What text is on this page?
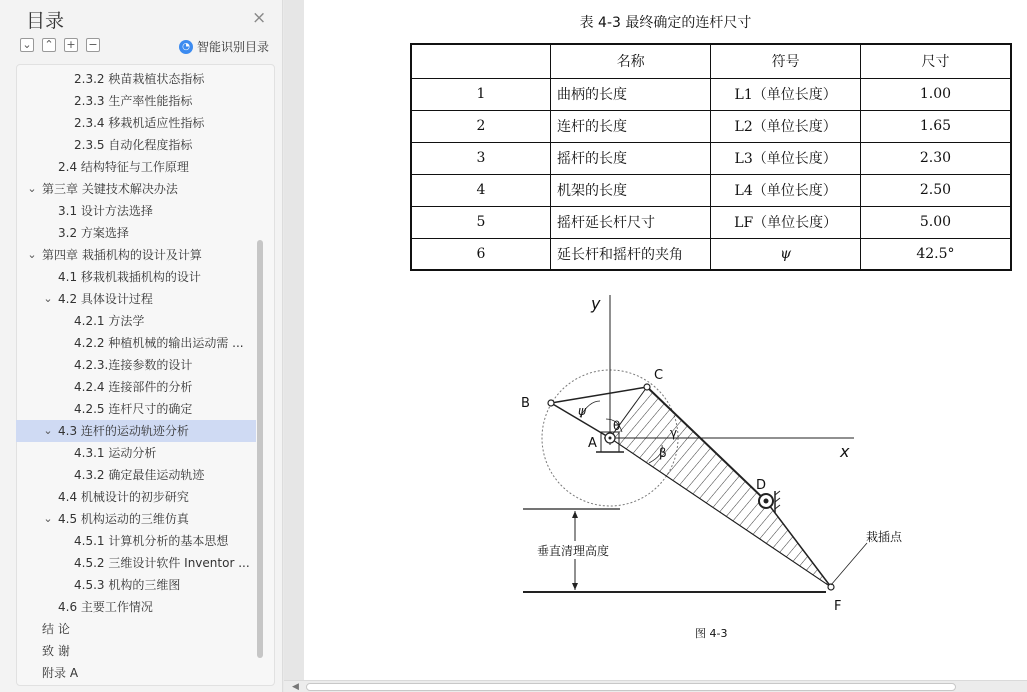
目录	×
⌄ ⌃ + −	◔ 智能识别目录
2.3.2 秧苗栽植状态指标
2.3.3 生产率性能指标
2.3.4 移栽机适应性指标
2.3.5 自动化程度指标
2.4 结构特征与工作原理
⌄ 第三章 关键技术解决办法
3.1 设计方法选择
3.2 方案选择
⌄ 第四章 栽插机构的设计及计算
4.1 移栽机栽插机构的设计
⌄ 4.2 具体设计过程
4.2.1 方法学
4.2.2 种植机械的输出运动需 ...
4.2.3.连接参数的设计
4.2.4 连接部件的分析
4.2.5 连杆尺寸的确定
⌄ 4.3 连杆的运动轨迹分析
4.3.1 运动分析
4.3.2 确定最佳运动轨迹
4.4 机械设计的初步研究
⌄ 4.5 机构运动的三维仿真
4.5.1 计算机分析的基本思想
4.5.2 三维设计软件 Inventor ...
4.5.3 机构的三维图
4.6 主要工作情况
结 论
致 谢
附录 A
表 4-3 最终确定的连杆尺寸
	名称	符号	尺寸
1	曲柄的长度	L1（单位长度）	1.00
2	连杆的长度	L2（单位长度）	1.65
3	摇杆的长度	L3（单位长度）	2.30
4	机架的长度	L4（单位长度）	2.50
5	摇杆延长杆尺寸	LF（单位长度）	5.00
6	延长杆和摇杆的夹角	ψ	42.5°
y
x
B
C
A
D
F
ψ
θ	γ
β
垂直清理高度
栽插点
图 4-3
◀
